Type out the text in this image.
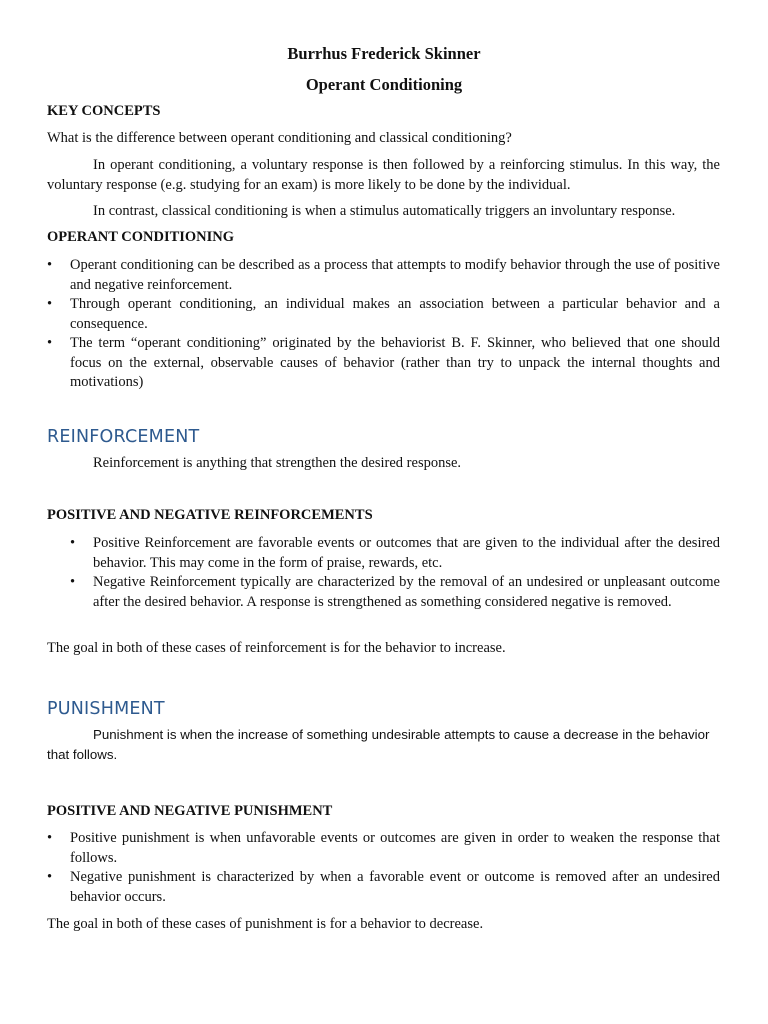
Burrhus Frederick Skinner
Operant Conditioning
KEY CONCEPTS
What is the difference between operant conditioning and classical conditioning?
In operant conditioning, a voluntary response is then followed by a reinforcing stimulus. In this way, the voluntary response (e.g. studying for an exam) is more likely to be done by the individual.
In contrast, classical conditioning is when a stimulus automatically triggers an involuntary response.
OPERANT CONDITIONING
• Operant conditioning can be described as a process that attempts to modify behavior through the use of positive and negative reinforcement.
• Through operant conditioning, an individual makes an association between a particular behavior and a consequence.
• The term “operant conditioning” originated by the behaviorist B. F. Skinner, who believed that one should focus on the external, observable causes of behavior (rather than try to unpack the internal thoughts and motivations)
REINFORCEMENT
Reinforcement is anything that strengthen the desired response.
POSITIVE AND NEGATIVE REINFORCEMENTS
• Positive Reinforcement are favorable events or outcomes that are given to the individual after the desired behavior. This may come in the form of praise, rewards, etc.
• Negative Reinforcement typically are characterized by the removal of an undesired or unpleasant outcome after the desired behavior. A response is strengthened as something considered negative is removed.
The goal in both of these cases of reinforcement is for the behavior to increase.
PUNISHMENT
Punishment is when the increase of something undesirable attempts to cause a decrease in the behavior that follows.
POSITIVE AND NEGATIVE PUNISHMENT
• Positive punishment is when unfavorable events or outcomes are given in order to weaken the response that follows.
• Negative punishment is characterized by when a favorable event or outcome is removed after an undesired behavior occurs.
The goal in both of these cases of punishment is for a behavior to decrease.
